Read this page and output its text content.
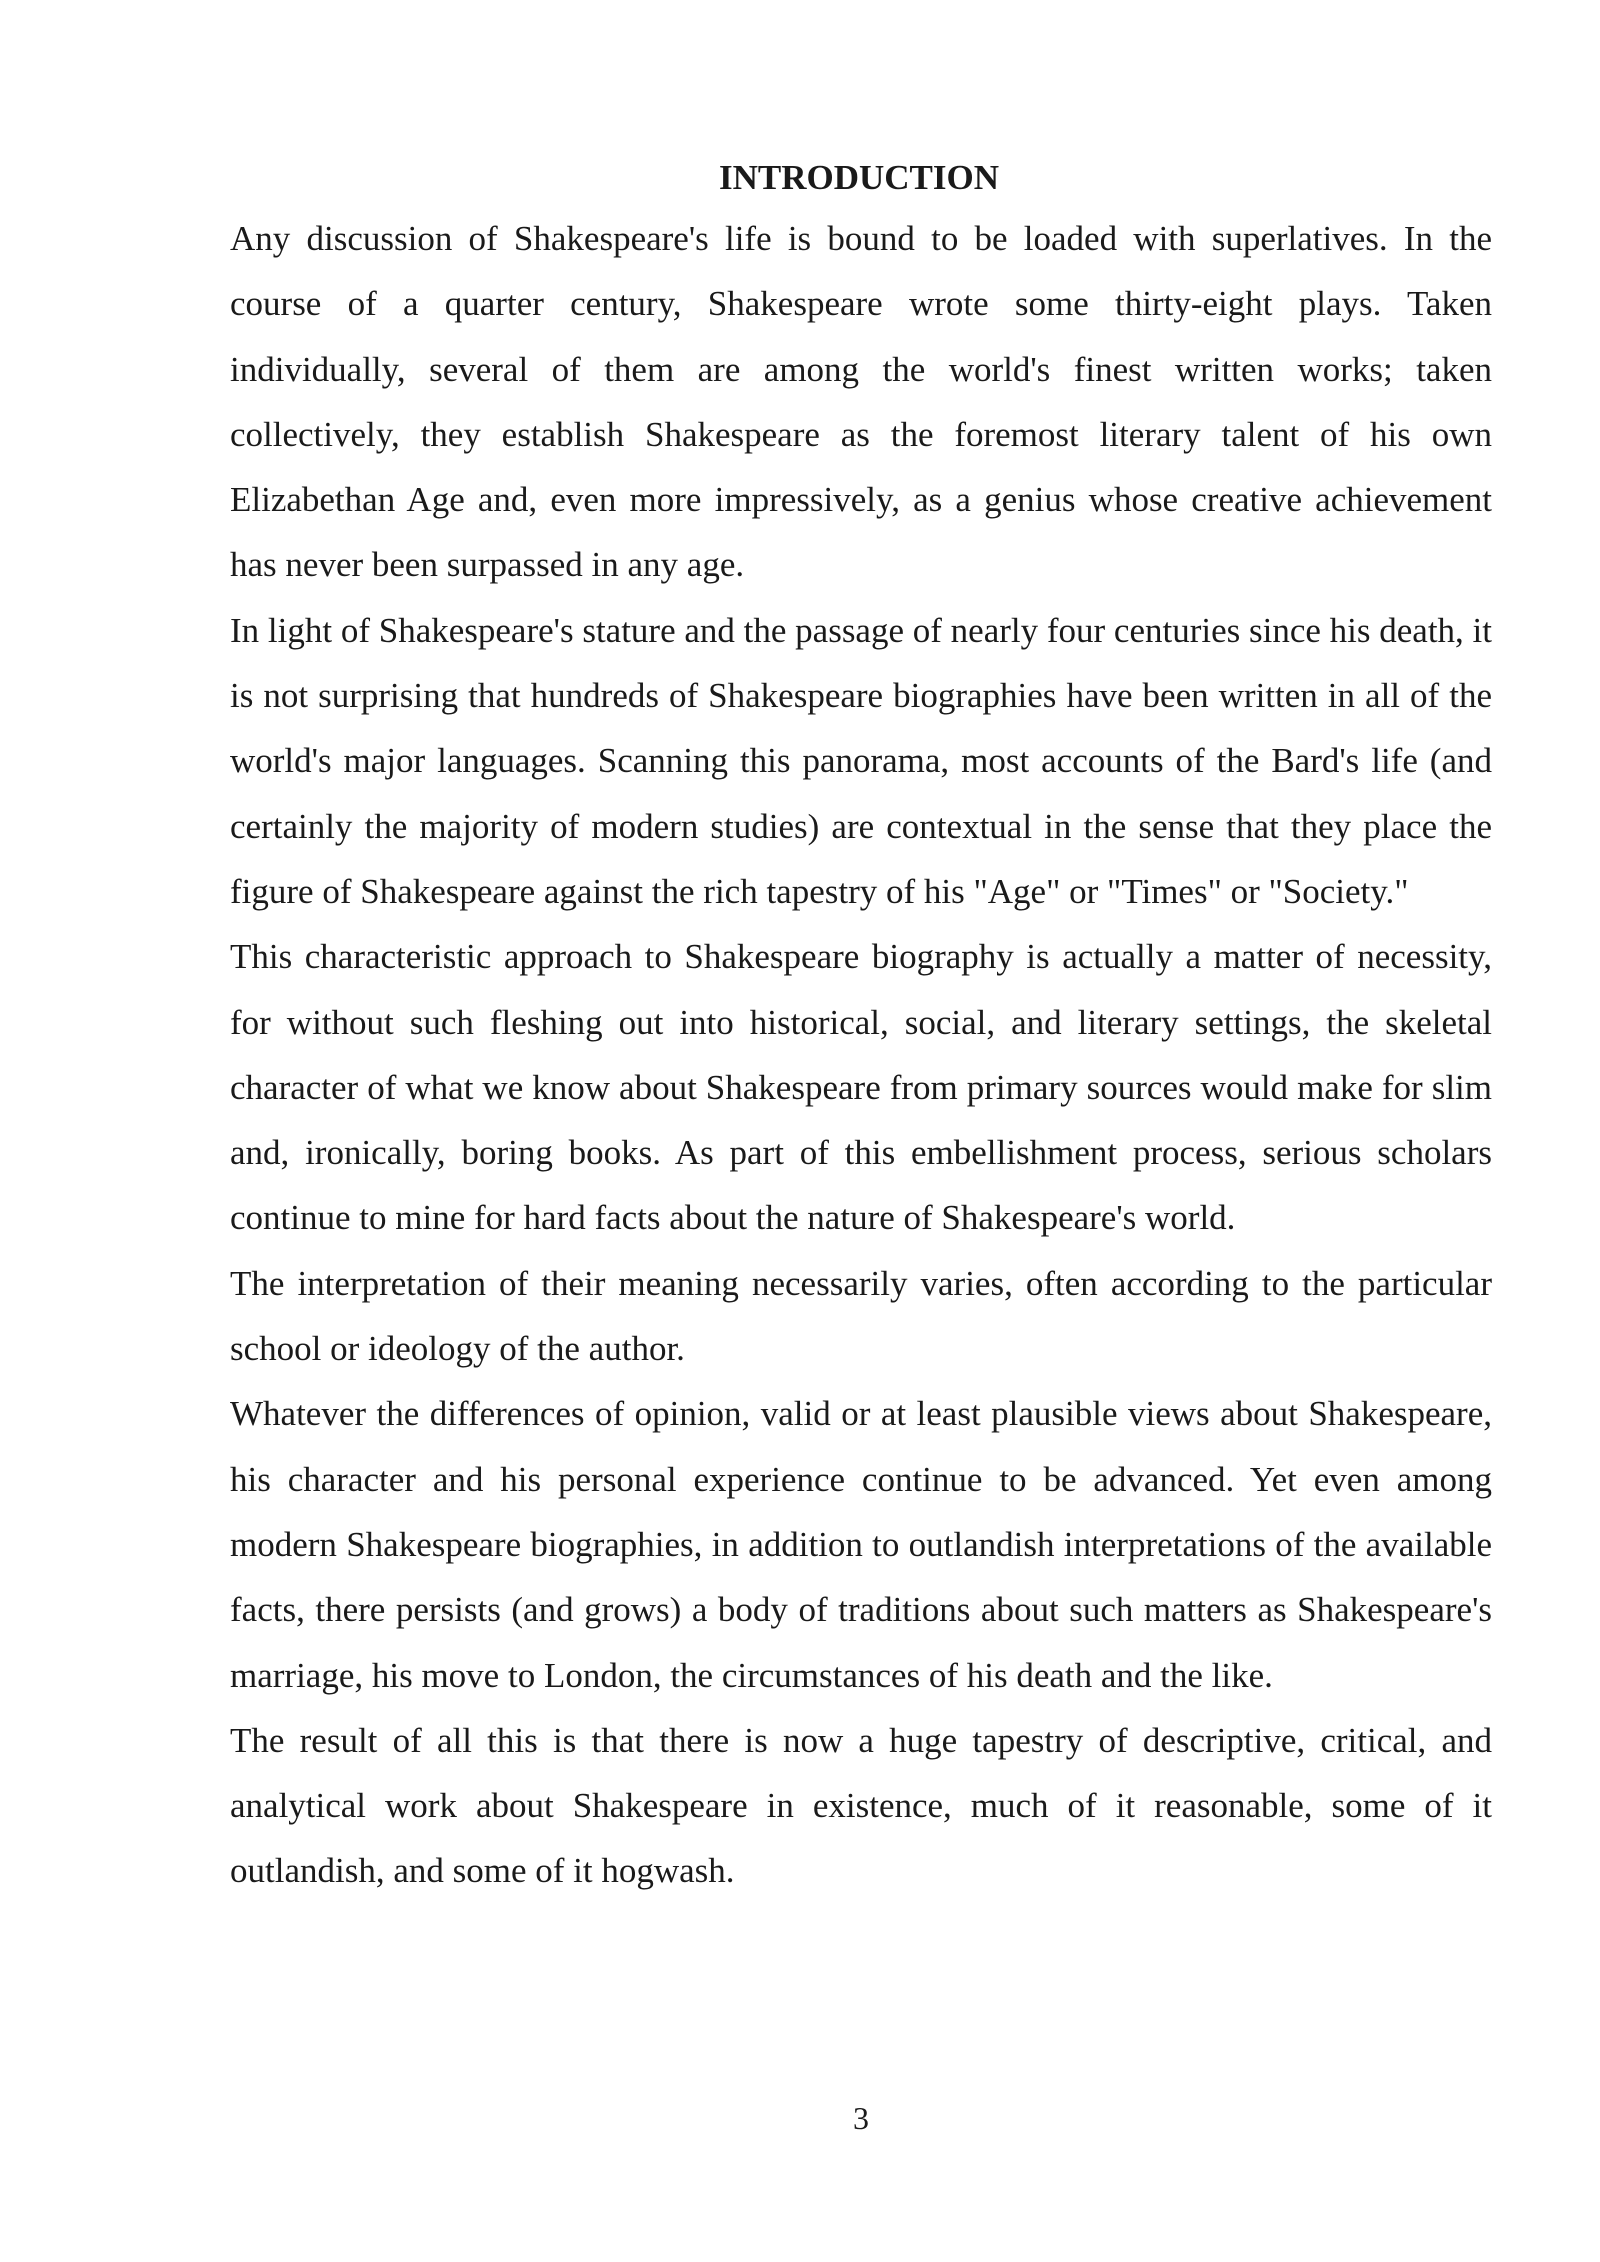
INTRODUCTION

Any discussion of Shakespeare's life is bound to be loaded with superlatives. In the course of a quarter century, Shakespeare wrote some thirty-eight plays. Taken individually, several of them are among the world's finest written works; taken collectively, they establish Shakespeare as the foremost literary talent of his own Elizabethan Age and, even more impressively, as a genius whose creative achievement has never been surpassed in any age.

In light of Shakespeare's stature and the passage of nearly four centuries since his death, it is not surprising that hundreds of Shakespeare biographies have been written in all of the world's major languages. Scanning this panorama, most accounts of the Bard's life (and certainly the majority of modern studies) are contextual in the sense that they place the figure of Shakespeare against the rich tapestry of his "Age" or "Times" or "Society."

This characteristic approach to Shakespeare biography is actually a matter of necessity, for without such fleshing out into historical, social, and literary settings, the skeletal character of what we know about Shakespeare from primary sources would make for slim and, ironically, boring books. As part of this embellishment process, serious scholars continue to mine for hard facts about the nature of Shakespeare's world.

The interpretation of their meaning necessarily varies, often according to the particular school or ideology of the author.

Whatever the differences of opinion, valid or at least plausible views about Shakespeare, his character and his personal experience continue to be advanced. Yet even among modern Shakespeare biographies, in addition to outlandish interpretations of the available facts, there persists (and grows) a body of traditions about such matters as Shakespeare's marriage, his move to London, the circumstances of his death and the like.

The result of all this is that there is now a huge tapestry of descriptive, critical, and analytical work about Shakespeare in existence, much of it reasonable, some of it outlandish, and some of it hogwash.

3
